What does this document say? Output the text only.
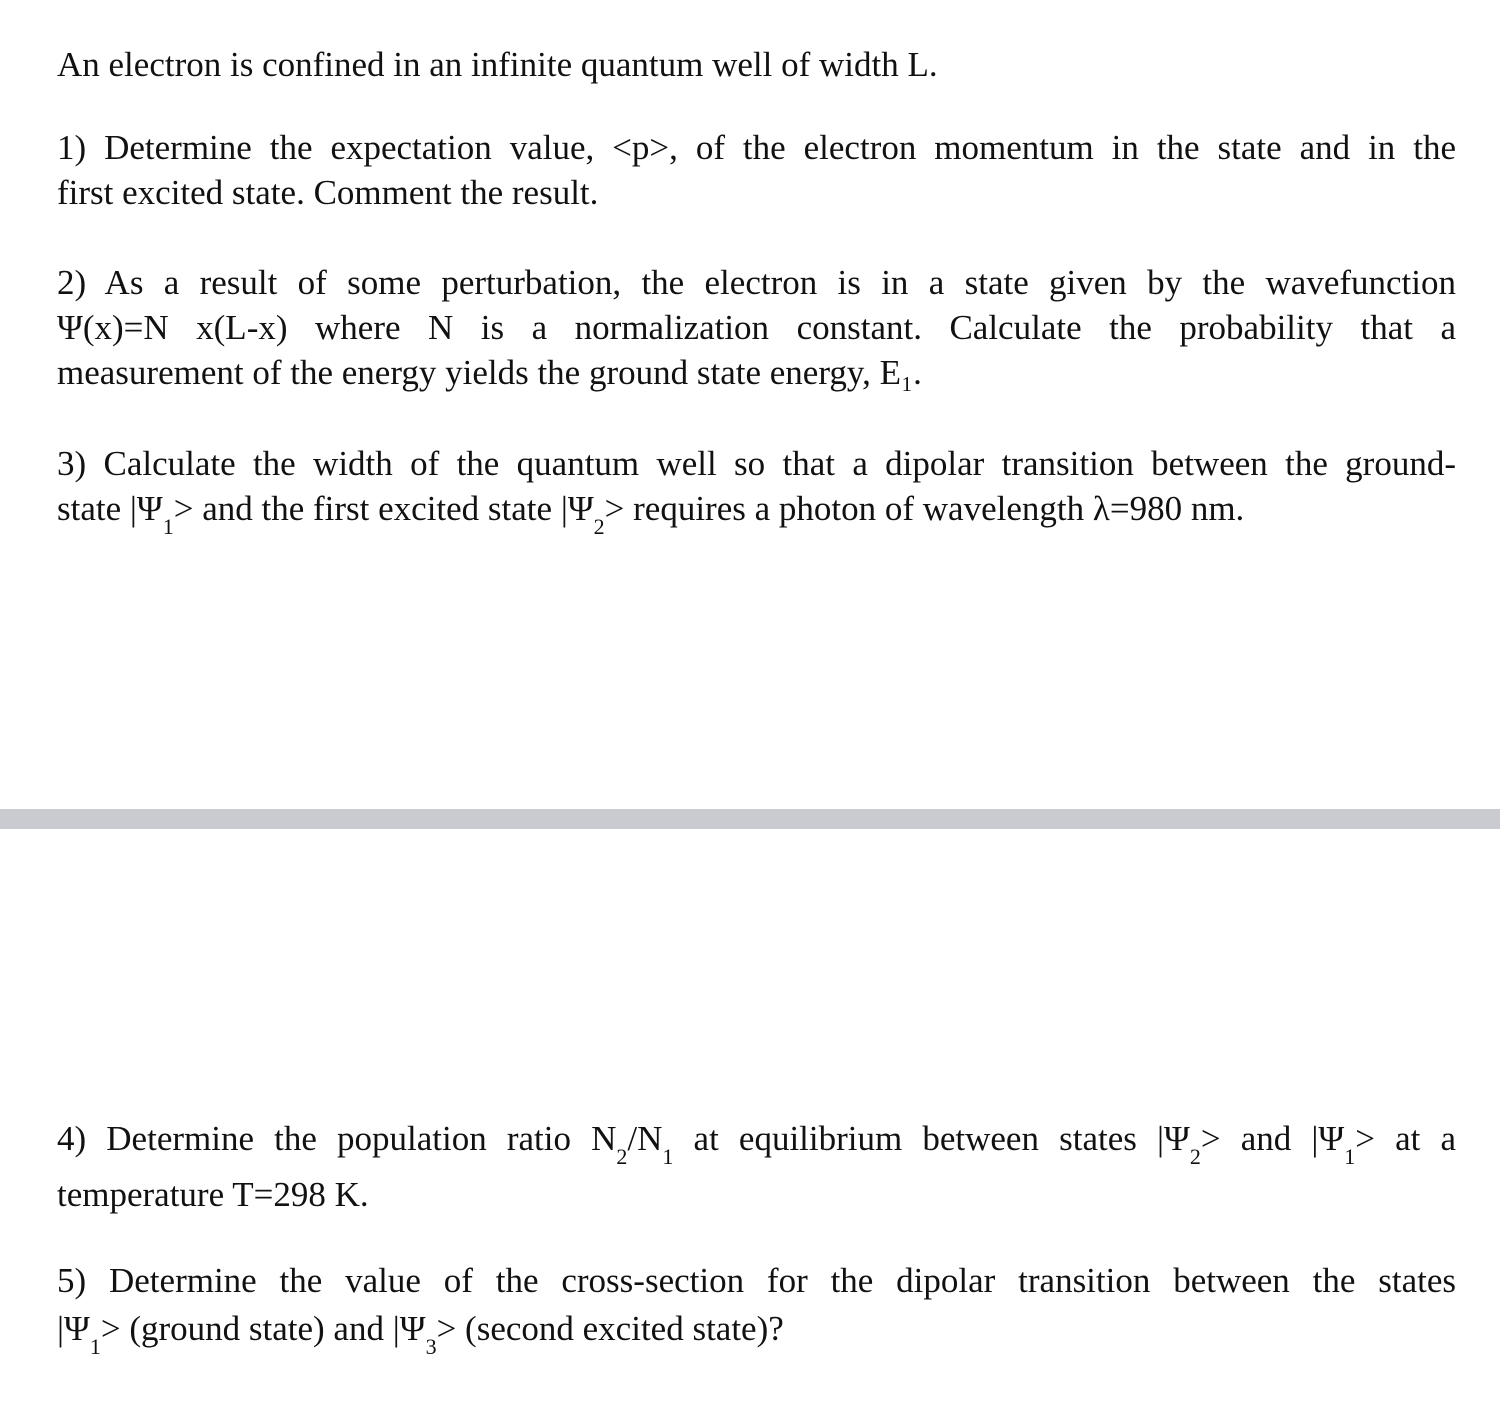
An electron is confined in an infinite quantum well of width L.

1) Determine the expectation value, <p>, of the electron momentum in the state and in the
first excited state. Comment the result.

2) As a result of some perturbation, the electron is in a state given by the wavefunction
Ψ(x)=N x(L-x) where N is a normalization constant. Calculate the probability that a
measurement of the energy yields the ground state energy, E₁.

3) Calculate the width of the quantum well so that a dipolar transition between the ground-
state $|\Psi_1>$ and the first excited state $|\Psi_2>$ requires a photon of wavelength λ=980 nm.

4) Determine the population ratio $N_2/N_1$ at equilibrium between states $|\Psi_2>$ and $|\Psi_1>$ at a
temperature T=298 K.

5) Determine the value of the cross-section for the dipolar transition between the states
$|\Psi_1>$ (ground state) and $|\Psi_3>$ (second excited state)?
